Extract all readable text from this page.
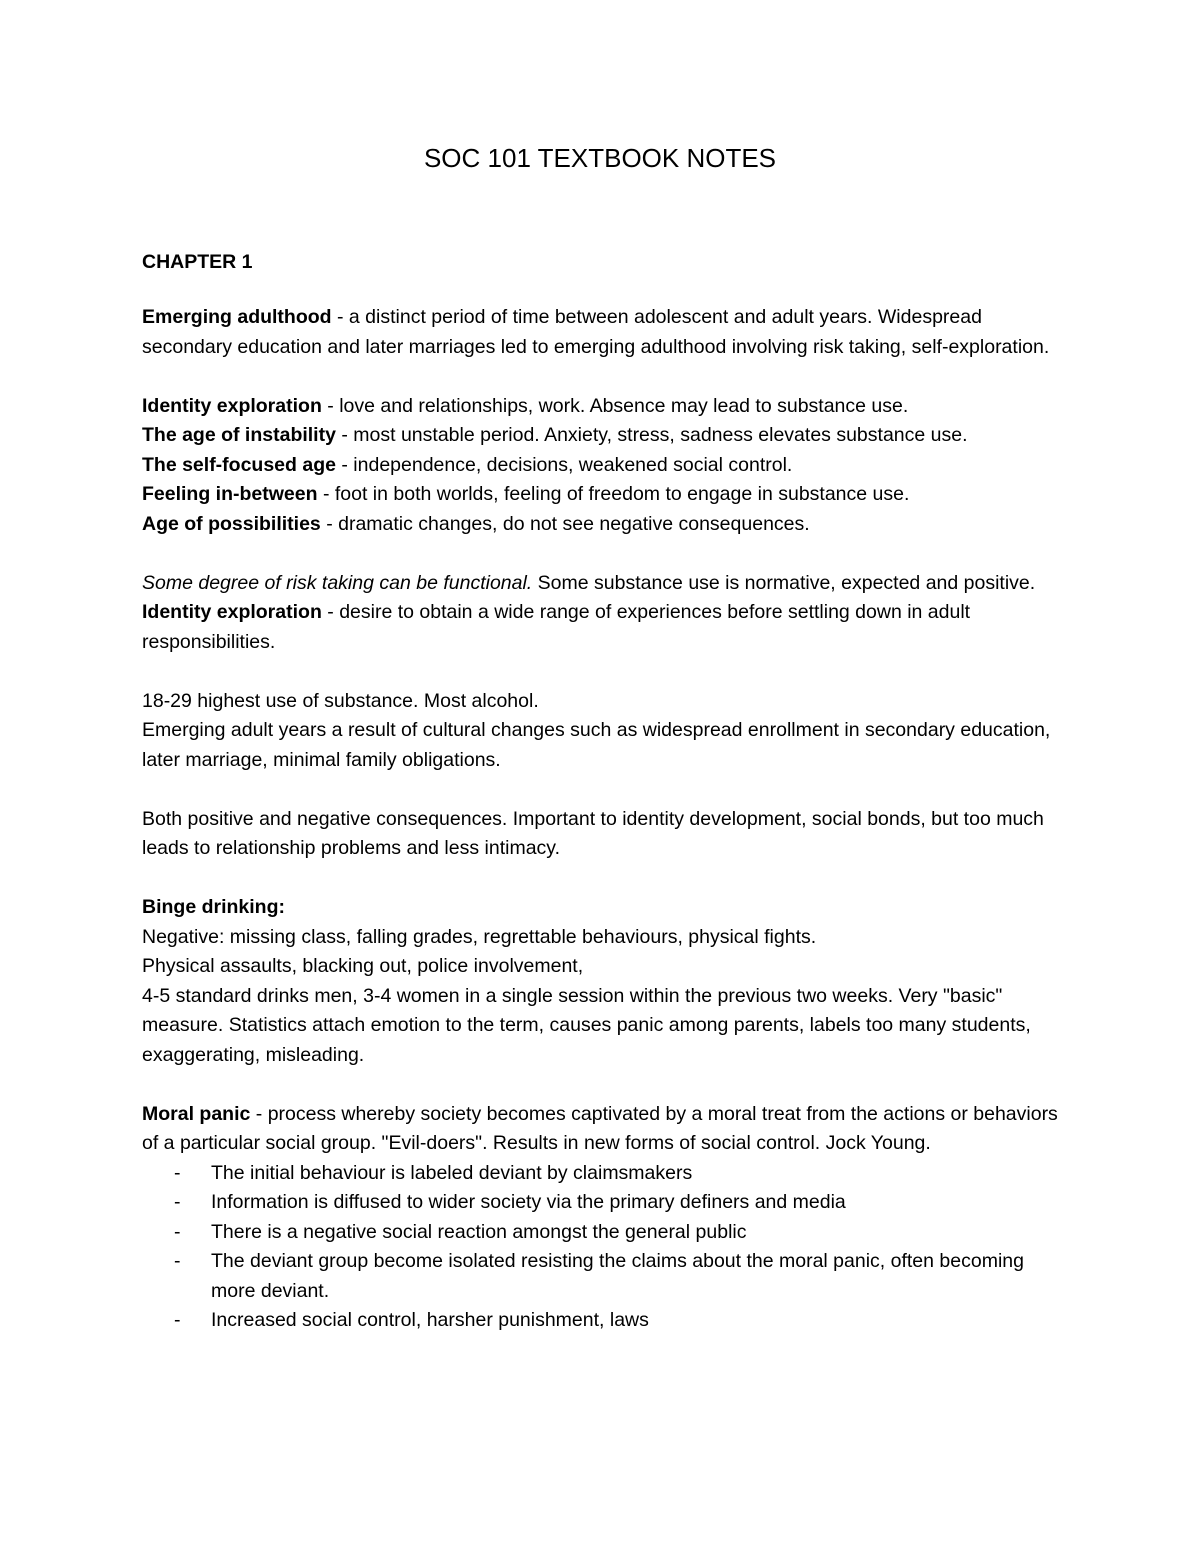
SOC 101 TEXTBOOK NOTES
CHAPTER 1

Emerging adulthood - a distinct period of time between adolescent and adult years. Widespread secondary education and later marriages led to emerging adulthood involving risk taking, self-exploration.

Identity exploration - love and relationships, work. Absence may lead to substance use.
The age of instability - most unstable period. Anxiety, stress, sadness elevates substance use.
The self-focused age - independence, decisions, weakened social control.
Feeling in-between - foot in both worlds, feeling of freedom to engage in substance use.
Age of possibilities - dramatic changes, do not see negative consequences.

Some degree of risk taking can be functional. Some substance use is normative, expected and positive. Identity exploration - desire to obtain a wide range of experiences before settling down in adult responsibilities.

18-29 highest use of substance. Most alcohol.
Emerging adult years a result of cultural changes such as widespread enrollment in secondary education, later marriage, minimal family obligations.

Both positive and negative consequences. Important to identity development, social bonds, but too much leads to relationship problems and less intimacy.

Binge drinking:
Negative: missing class, falling grades, regrettable behaviours, physical fights.
Physical assaults, blacking out, police involvement,
4-5 standard drinks men, 3-4 women in a single session within the previous two weeks. Very "basic" measure. Statistics attach emotion to the term, causes panic among parents, labels too many students, exaggerating, misleading.

Moral panic - process whereby society becomes captivated by a moral treat from the actions or behaviors of a particular social group. "Evil-doers". Results in new forms of social control. Jock Young.

- The initial behaviour is labeled deviant by claimsmakers
- Information is diffused to wider society via the primary definers and media
- There is a negative social reaction amongst the general public
- The deviant group become isolated resisting the claims about the moral panic, often becoming more deviant.
- Increased social control, harsher punishment, laws
